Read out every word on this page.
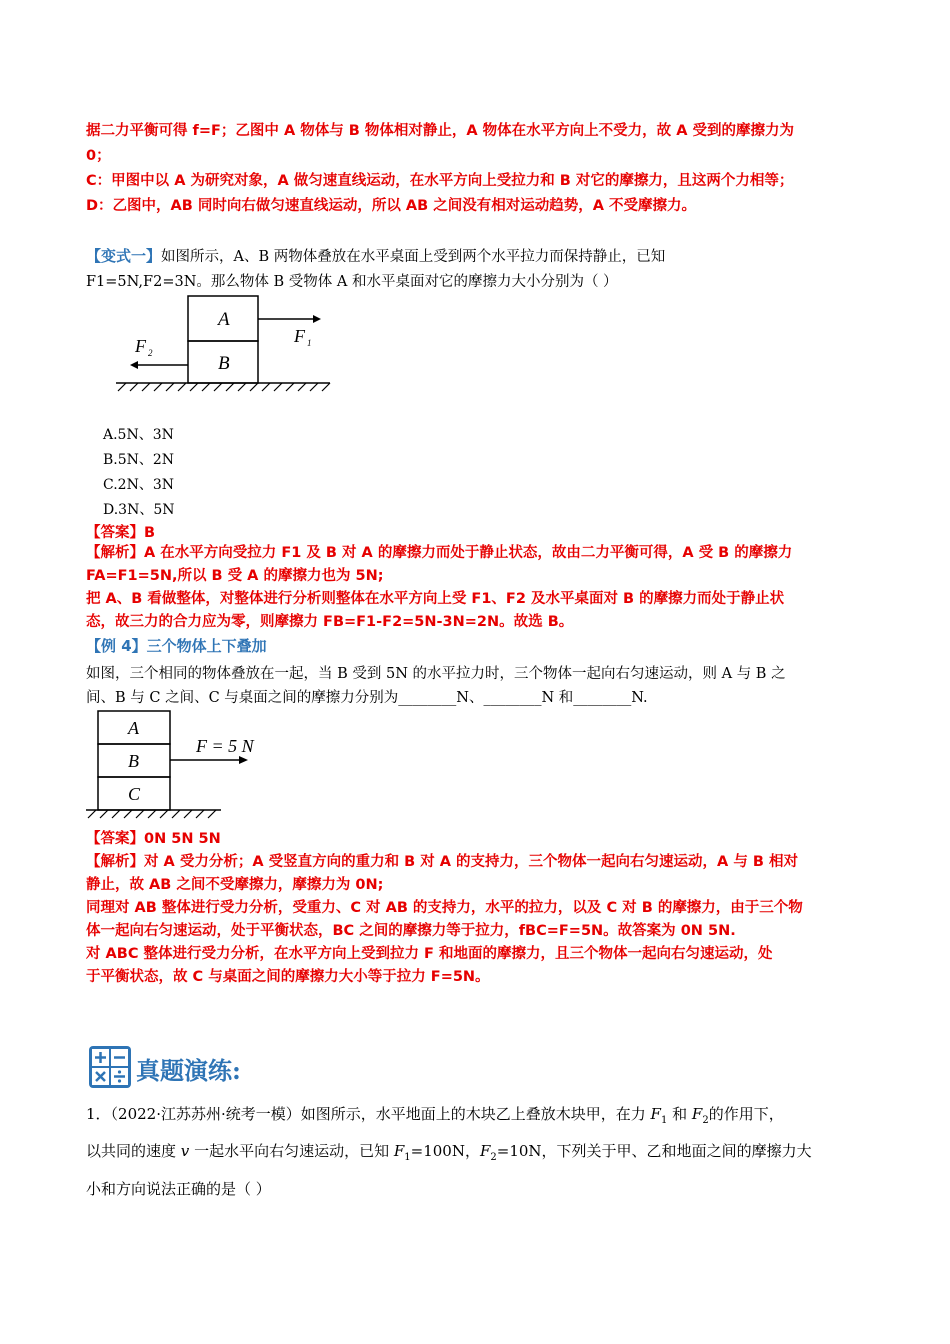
据二力平衡可得 f=F；乙图中 A 物体与 B 物体相对静止，A 物体在水平方向上不受力，故 A 受到的摩擦力为
0；
C：甲图中以 A 为研究对象，A 做匀速直线运动，在水平方向上受拉力和 B 对它的摩擦力，且这两个力相等；
D：乙图中，AB 同时向右做匀速直线运动，所以 AB 之间没有相对运动趋势，A 不受摩擦力。
【变式一】如图所示，A、B 两物体叠放在水平桌面上受到两个水平拉力而保持静止，已知
F1=5N,F2=3N。那么物体 B 受物体 A 和水平桌面对它的摩擦力大小分别为（ ）
A
B
F 1
F 2
A.5N、3N
B.5N、2N
C.2N、3N
D.3N、5N
【答案】B
【解析】A 在水平方向受拉力 F1 及 B 对 A 的摩擦力而处于静止状态，故由二力平衡可得，A 受 B 的摩擦力
FA=F1=5N,所以 B 受 A 的摩擦力也为 5N;
把 A、B 看做整体，对整体进行分析则整体在水平方向上受 F1、F2 及水平桌面对 B 的摩擦力而处于静止状
态，故三力的合力应为零，则摩擦力 FB=F1-F2=5N-3N=2N。故选 B。
【例 4】三个物体上下叠加
如图，三个相同的物体叠放在一起，当 B 受到 5N 的水平拉力时，三个物体一起向右匀速运动，则 A 与 B 之
间、B 与 C 之间、C 与桌面之间的摩擦力分别为________N、________N 和________N.
A
B
C
F = 5 N
【答案】0N 5N 5N
【解析】对 A 受力分析；A 受竖直方向的重力和 B 对 A 的支持力，三个物体一起向右匀速运动，A 与 B 相对
静止，故 AB 之间不受摩擦力，摩擦力为 0N;
同理对 AB 整体进行受力分析，受重力、C 对 AB 的支持力，水平的拉力，以及 C 对 B 的摩擦力，由于三个物
体一起向右匀速运动，处于平衡状态，BC 之间的摩擦力等于拉力，fBC=F=5N。故答案为 0N 5N.
对 ABC 整体进行受力分析，在水平方向上受到拉力 F 和地面的摩擦力，且三个物体一起向右匀速运动，处
于平衡状态，故 C 与桌面之间的摩擦力大小等于拉力 F=5N。
真题演练:
1．（2022·江苏苏州·统考一模）如图所示，水平地面上的木块乙上叠放木块甲，在力 $F_1$ 和 $F_2$的作用下，
以共同的速度 v 一起水平向右匀速运动，已知 $F_1=100N$，$F_2=10N$，下列关于甲、乙和地面之间的摩擦力大
小和方向说法正确的是（ ）
